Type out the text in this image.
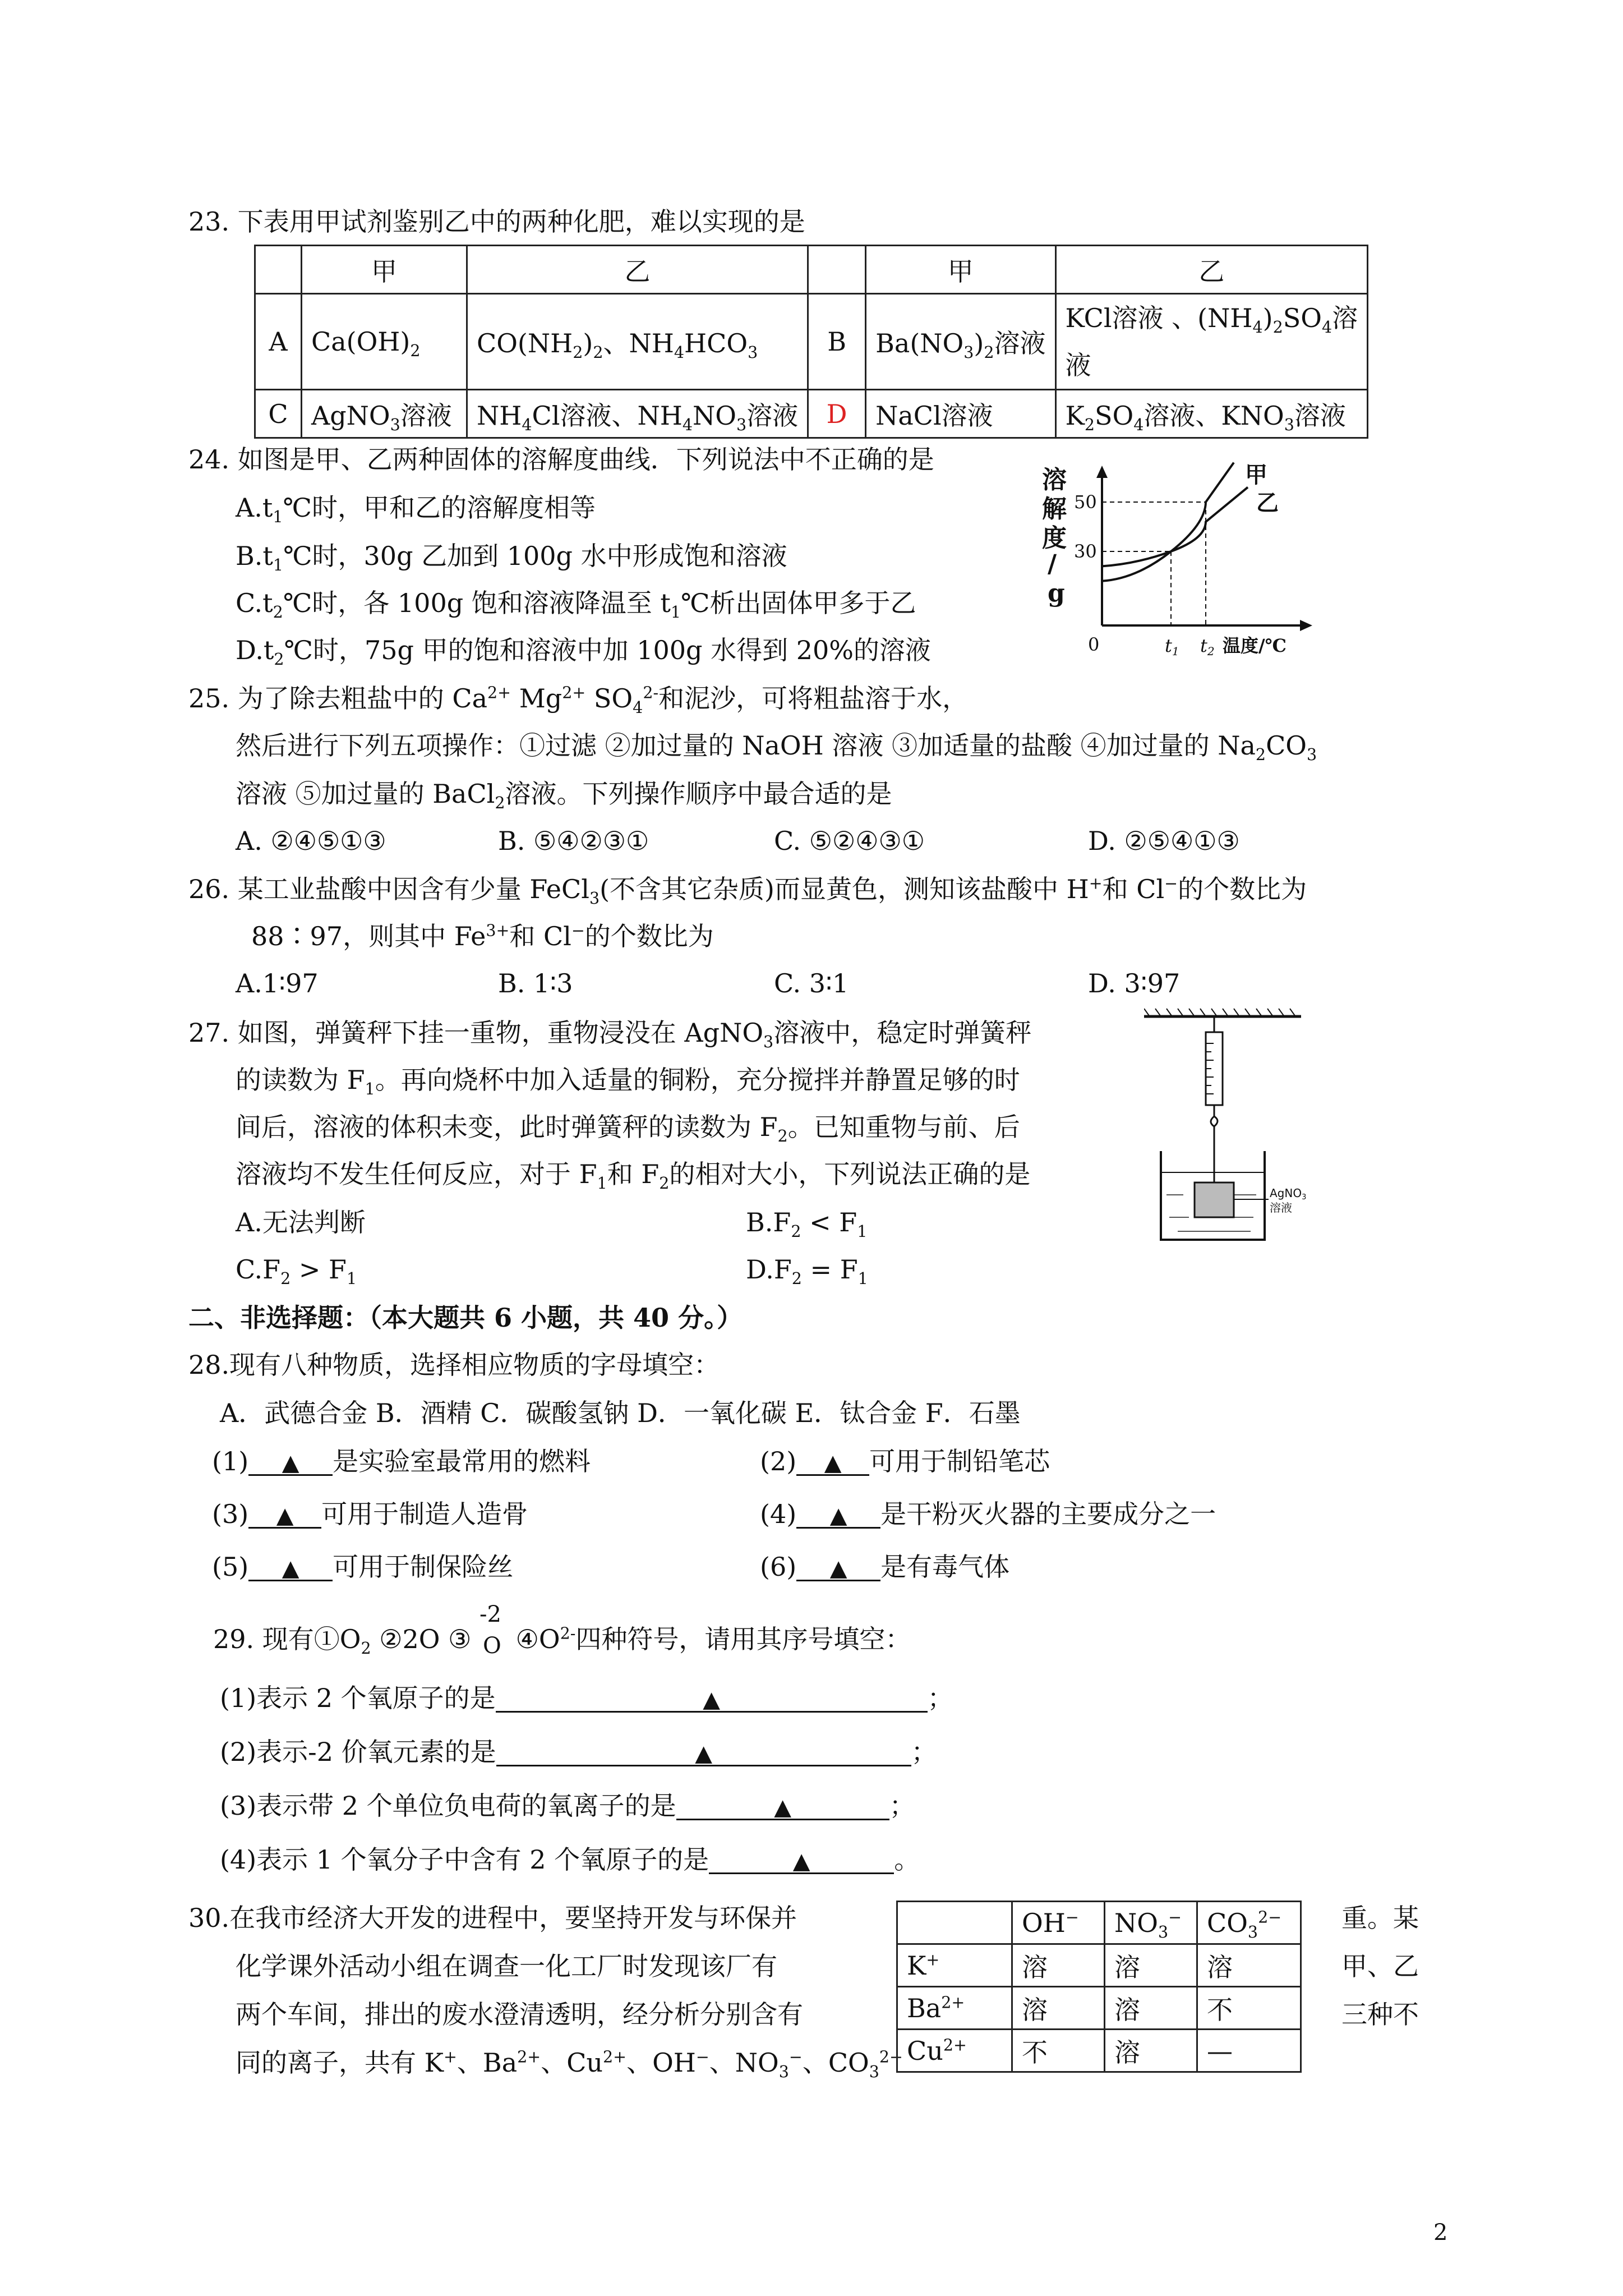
23. 下表用甲试剂鉴别乙中的两种化肥，难以实现的是
	甲	乙		甲	乙
A	$Ca(OH)_2$	$CO(NH_2)_2$、$NH_4HCO_3$	B	$Ba(NO_3)_2$溶液	KCl溶液 、$(NH_4)_2SO_4$溶
液
C	AgNO$_3$溶液	$NH_4Cl$溶液、$NH_4NO_3$溶液	D	NaCl溶液	$K_2SO_4$溶液、$KNO_3$溶液
24. 如图是甲、乙两种固体的溶解度曲线．下列说法中不正确的是
$A.t_1℃$时，甲和乙的溶解度相等
$B.t_1℃$时，30g 乙加到 100g 水中形成饱和溶液
$C.t_2℃$时，各 100g 饱和溶液降温至 $t_1℃$析出固体甲多于乙
$D.t_2℃$时，75g 甲的饱和溶液中加 100g 水得到 20%的溶液
溶
解
度
/
g
50
30
0	t1 t2 温度/℃
甲
乙
25. 为了除去粗盐中的 $Ca^{2+}$ $Mg^{2+}$ $SO_4^{2-}$和泥沙，可将粗盐溶于水，
然后进行下列五项操作：①过滤 ②加过量的 NaOH 溶液 ③加适量的盐酸 ④加过量的 $Na_2CO_3$
溶液 ⑤加过量的 BaCl$_2$溶液。下列操作顺序中最合适的是
A. ②④⑤①③	B. ⑤④②③①	C. ⑤②④③①	D. ②⑤④①③
26. 某工业盐酸中因含有少量 FeCl$_3$(不含其它杂质)而显黄色，测知该盐酸中 H+和 Cl−的个数比为
88∶97，则其中 $Fe^{3+}$和 Cl−的个数比为
A.1∶97	B. 1∶3	C. 3∶1	D. 3∶97
27. 如图，弹簧秤下挂一重物，重物浸没在 AgNO$_3$溶液中，稳定时弹簧秤
的读数为 $F_1$。再向烧杯中加入适量的铜粉，充分搅拌并静置足够的时
间后，溶液的体积未变，此时弹簧秤的读数为 $F_2$。已知重物与前、后
溶液均不发生任何反应，对于 $F_1$和 $F_2$的相对大小，下列说法正确的是
A.无法判断	$B.F_2 < F_1$
$C.F_2 > F_1$	$D.F_2 = F_1$
AgNO$_3$
溶液
二、非选择题：（本大题共 6 小题，共 40 分。）
28.现有八种物质，选择相应物质的字母填空：
A．武德合金 B．酒精 C．碳酸氢钠 D．一氧化碳 E．钛合金 F．石墨
(1) ▲ 是实验室最常用的燃料	(2) ▲ 可用于制铅笔芯
(3) ▲ 可用于制造人造骨	(4) ▲ 是干粉灭火器的主要成分之一
(5) ▲ 可用于制保险丝	(6) ▲ 是有毒气体
29. 现有$①O_2$ ②2O ③
-2
O $④O^{2-}$四种符号，请用其序号填空：
(1)表示 2 个氧原子的是	▲	；
(2)表示-2 价氧元素的是	▲	；
(3)表示带 2 个单位负电荷的氧离子的是	▲	；
(4)表示 1 个氧分子中含有 2 个氧原子的是	▲	。
30.在我市经济大开发的进程中，要坚持开发与环保并
化学课外活动小组在调查一化工厂时发现该厂有
两个车间，排出的废水澄清透明，经分析分别含有
同的离子，共有 K+、$Ba^{2+}$、$Cu^{2+}$、OH−、$NO_3^-$、$CO_3^{2-}$
重。某
甲、乙
三种不
	OH−	$NO_3^-$	$CO_3^{2-}$
K+	溶	溶	溶
$Ba^{2+}$	溶	溶	不
$Cu^{2+}$	不	溶	—
2
